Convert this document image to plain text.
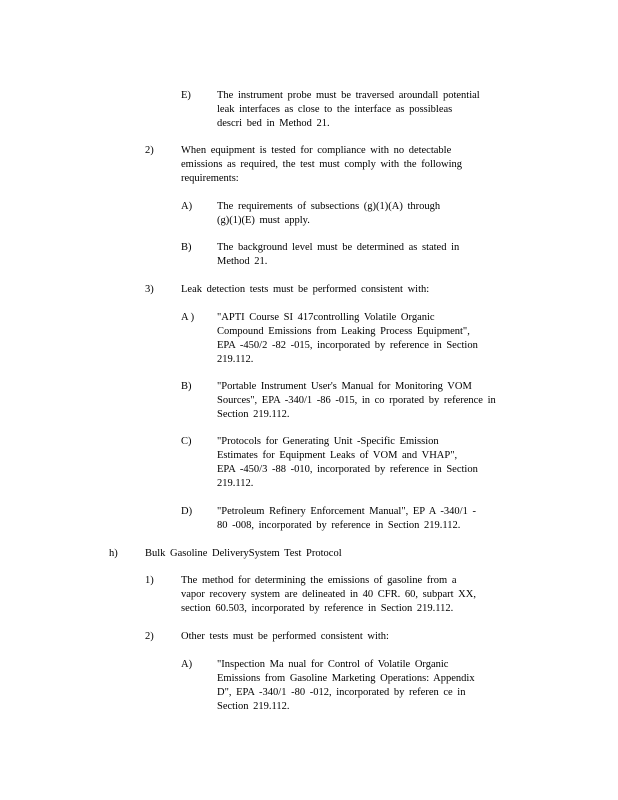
E) The instrument probe must be traversed aroundall potential
leak interfaces as close to the interface as possibleas
descri bed in Method 21.
2)	When equipment is tested for compliance with no detectable
emissions as required, the test must comply with the following
requirements:
A) The requirements of subsections (g)(1)(A) through
(g)(1)(E) must apply.
B) The background level must be determined as stated in
Method 21.
3)	Leak detection tests must be performed consistent with:
A ) "APTI Course SI 417controlling Volatile Organic
Compound Emissions from Leaking Process Equipment",
EPA -450/2 -82 -015, incorporated by reference in Section
219.112.
B) "Portable Instrument User's Manual for Monitoring VOM
Sources", EPA -340/1 -86 -015, in co rporated by reference in
Section 219.112.
C) "Protocols for Generating Unit -Specific Emission
Estimates for Equipment Leaks of VOM and VHAP",
EPA -450/3 -88 -010, incorporated by reference in Section
219.112.
D) "Petroleum Refinery Enforcement Manual", EP A -340/1 -
80 -008, incorporated by reference in Section 219.112.
h)	Bulk Gasoline DeliverySystem Test Protocol
1)	The method for determining the emissions of gasoline from a
vapor recovery system are delineated in 40 CFR. 60, subpart XX,
section 60.503, incorporated by reference in Section 219.112.
2)	Other tests must be performed consistent with:
A) "Inspection Ma nual for Control of Volatile Organic
Emissions from Gasoline Marketing Operations: Appendix
D", EPA -340/1 -80 -012, incorporated by referen ce in
Section 219.112.
